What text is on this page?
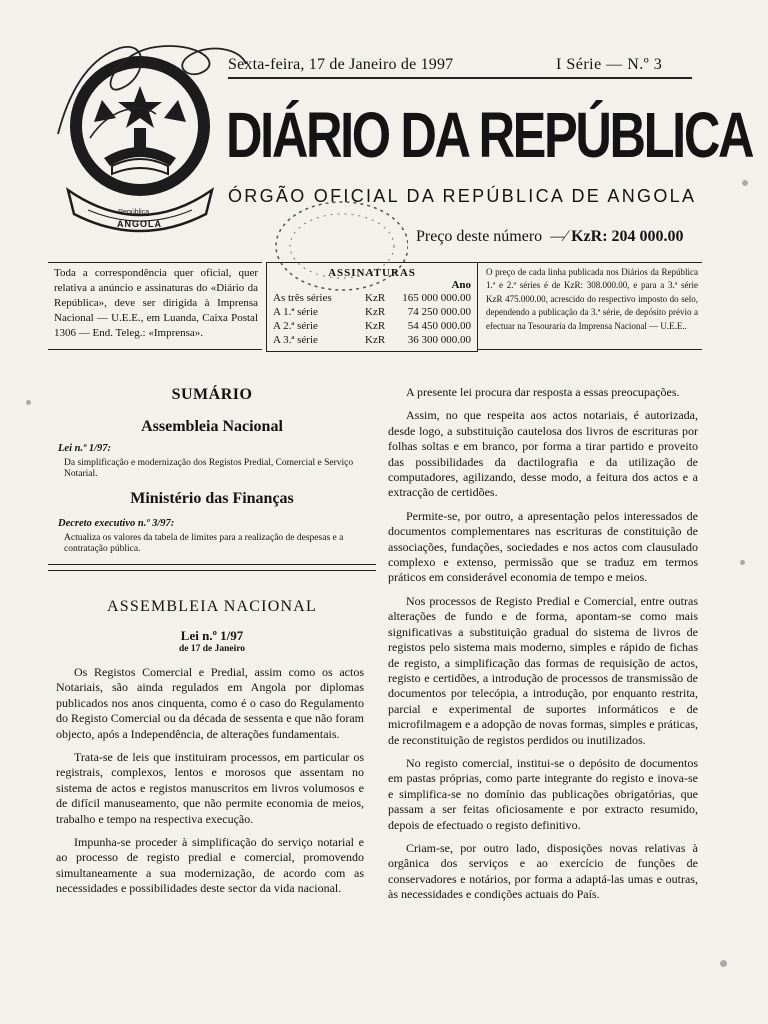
República
ANGOLA
Sexta-feira, 17 de Janeiro de 1997	I Série — N.º 3
DIÁRIO DA REPÚBLICA
ÓRGÃO OFICIAL DA REPÚBLICA DE ANGOLA
Preço deste número  —∕ KzR: 204 000.00
Toda a correspondência quer oficial, quer relativa a anúncio e assinaturas do «Diário da República», deve ser dirigida à Imprensa Nacional — U.E.E., em Luanda, Caixa Postal 1306 — End. Teleg.: «Imprensa».
ASSINATURAS
Ano
As três séries	KzR	165 000 000.00
A 1.ª série	KzR	74 250 000.00
A 2.ª série	KzR	54 450 000.00
A 3.ª série	KzR	36 300 000.00
O preço de cada linha publicada nos Diários da República 1.ª e 2.ª séries é de KzR: 308.000.00, e para a 3.ª série KzR 475.000.00, acrescido do respectivo imposto do selo, dependendo a publicação da 3.ª série, de depósito prévio a efectuar na Tesouraria da Imprensa Nacional — U.E.E..
SUMÁRIO
Assembleia Nacional
Lei n.º 1/97:
Da simplificação e modernização dos Registos Predial, Comercial e Serviço Notarial.
Ministério das Finanças
Decreto executivo n.º 3/97:
Actualiza os valores da tabela de limites para a realização de despesas e a contratação pública.
ASSEMBLEIA NACIONAL
Lei n.º 1/97
de 17 de Janeiro

Os Registos Comercial e Predial, assim como os actos Notariais, são ainda regulados em Angola por diplomas publicados nos anos cinquenta, como é o caso do Regulamento do Registo Comercial ou da década de sessenta e que não foram objecto, após a Independência, de alterações fundamentais.

Trata-se de leis que instituiram processos, em particular os registrais, complexos, lentos e morosos que assentam no sistema de actos e registos manuscritos em livros volumosos e de difícil manuseamento, que não permite economia de meios, trabalho e tempo na respectiva execução.

Impunha-se proceder à simplificação do serviço notarial e ao processo de registo predial e comercial, promovendo simultaneamente a sua modernização, de acordo com as necessidades e possibilidades deste sector da vida nacional.

A presente lei procura dar resposta a essas preocupações.

Assim, no que respeita aos actos notariais, é autorizada, desde logo, a substituição cautelosa dos livros de escrituras por folhas soltas e em branco, por forma a tirar partido e proveito das possibilidades da dactilografia e da utilização de computadores, agilizando, desse modo, a feitura dos actos e a extracção de certidões.

Permite-se, por outro, a apresentação pelos interessados de documentos complementares nas escrituras de constituição de associações, fundações, sociedades e nos actos com clausulado complexo e extenso, permissão que se traduz em termos práticos em considerável economia de tempo e meios.

Nos processos de Registo Predial e Comercial, entre outras alterações de fundo e de forma, apontam-se como mais significativas a substituição gradual do sistema de livros de registos pelo sistema mais moderno, simples e rápido de fichas de registo, a simplificação das formas de requisição de actos, registo e certidões, a introdução de processos de transmissão de documentos por telecópia, a introdução, por enquanto restrita, parcial e experimental de suportes informáticos e de microfilmagem e a adopção de novas formas, simples e práticas, de reconstituição de registos perdidos ou inutilizados.

No registo comercial, institui-se o depósito de documentos em pastas próprias, como parte integrante do registo e inova-se e simplifica-se no domínio das publicações obrigatórias, que passam a ser feitas oficiosamente e por extracto resumido, depois de efectuado o registo definitivo.

Criam-se, por outro lado, disposições novas relativas à orgânica dos serviços e ao exercício de funções de conservadores e notários, por forma a adaptá-las umas e outras, às necessidades e condições actuais do País.
